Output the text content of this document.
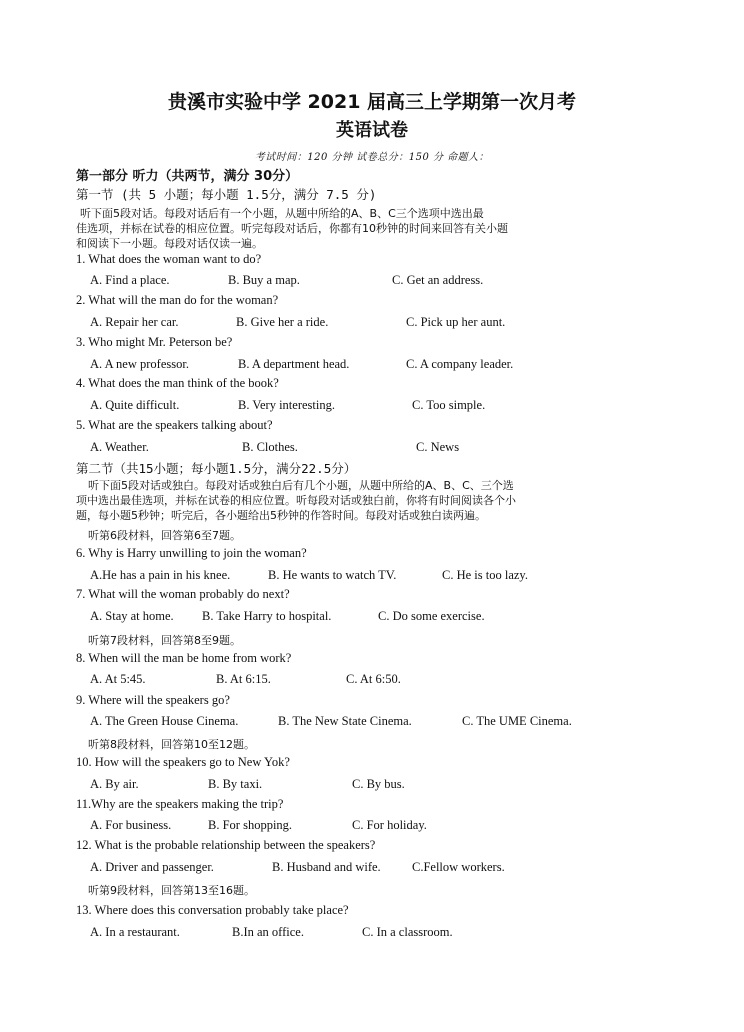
贵溪市实验中学 2021 届高三上学期第一次月考
英语试卷
考试时间：120 分钟 试卷总分：150 分 命题人：
第一部分 听力（共两节，满分 30分）
第一节 (共 5 小题；每小题 1.5分，满分 7.5 分)
听下面5段对话。每段对话后有一个小题，从题中所给的A、B、C三个选项中选出最
佳选项，并标在试卷的相应位置。听完每段对话后，你都有10秒钟的时间来回答有关小题
和阅读下一小题。每段对话仅读一遍。
1. What does the woman want to do?
A. Find a place.	B. Buy a map.	C. Get an address.
2. What will the man do for the woman?
A. Repair her car.	B. Give her a ride.	C. Pick up her aunt.
3. Who might Mr. Peterson be?
A. A new professor.	B. A department head.	C. A company leader.
4. What does the man think of the book?
A. Quite difficult.	B. Very interesting.	C. Too simple.
5. What are the speakers talking about?
A. Weather.	B. Clothes.	C. News
第二节（共15小题；每小题1.5分，满分22.5分）
听下面5段对话或独白。每段对话或独白后有几个小题，从题中所给的A、B、C、三个选
项中选出最佳选项，并标在试卷的相应位置。听每段对话或独白前，你将有时间阅读各个小
题，每小题5秒钟；听完后，各小题给出5秒钟的作答时间。每段对话或独白读两遍。
听第6段材料，回答第6至7题。
6. Why is Harry unwilling to join the woman?
A.He has a pain in his knee.	B. He wants to watch TV.	C. He is too lazy.
7. What will the woman probably do next?
A. Stay at home. B. Take Harry to hospital.	C. Do some exercise.
听第7段材料，回答第8至9题。
8. When will the man be home from work?
A. At 5:45.	B. At 6:15.	C. At 6:50.
9. Where will the speakers go?
A. The Green House Cinema.	B. The New State Cinema.	C. The UME Cinema.
听第8段材料，回答第10至12题。
10. How will the speakers go to New Yok?
A. By air.	B. By taxi.	C. By bus.
11.Why are the speakers making the trip?
A. For business.	B. For shopping.	C. For holiday.
12. What is the probable relationship between the speakers?
A. Driver and passenger.	B. Husband and wife.	C.Fellow workers.
听第9段材料，回答第13至16题。
13. Where does this conversation probably take place?
A. In a restaurant.	B.In an office.	C. In a classroom.
